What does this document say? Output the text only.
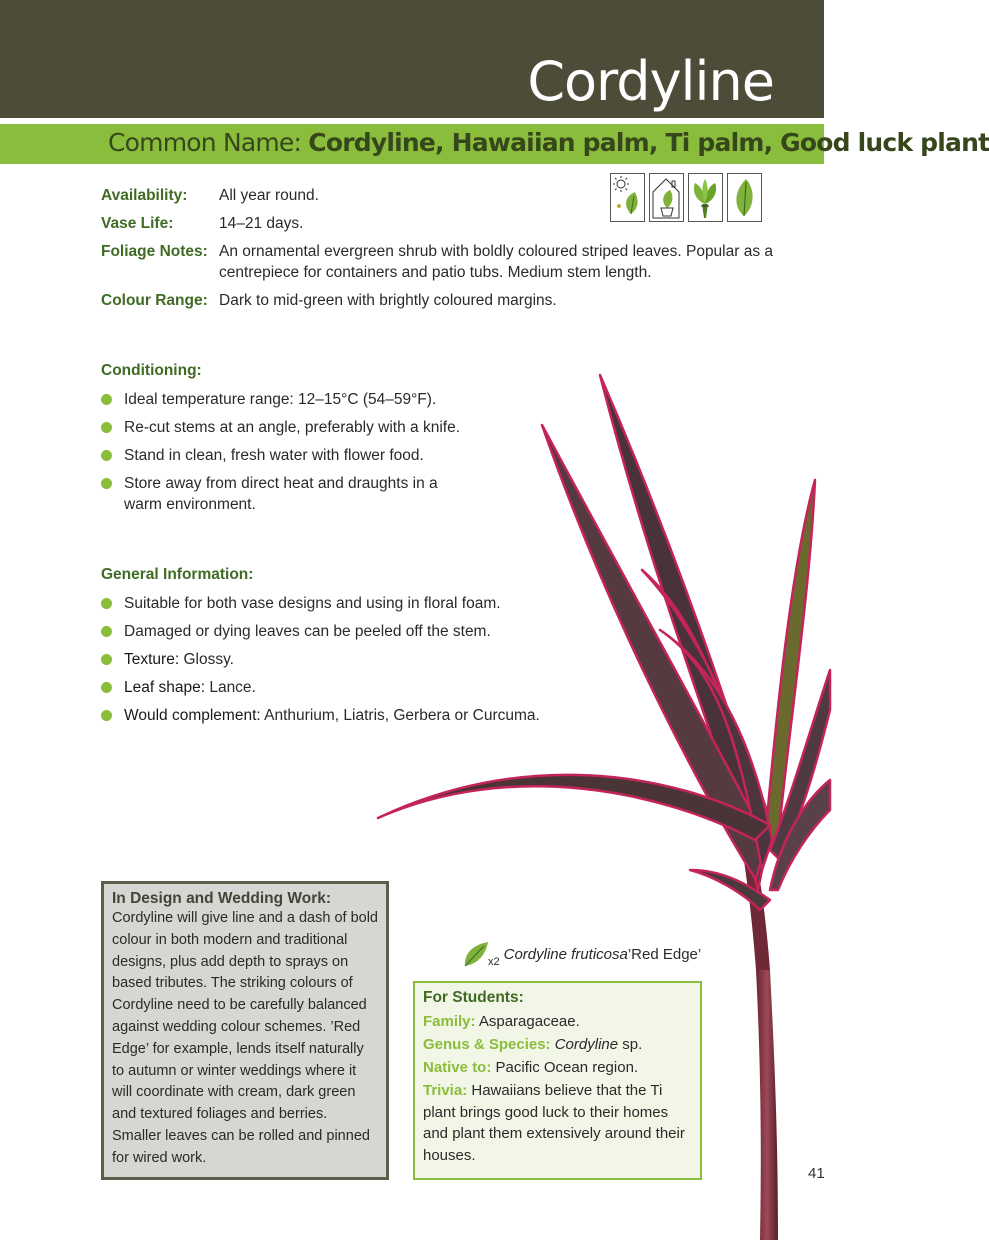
Cordyline
Common Name: Cordyline, Hawaiian palm, Ti palm, Good luck plant
Availability:	All year round.
Vase Life:	14–21 days.
Foliage Notes: An ornamental evergreen shrub with boldly coloured striped leaves. Popular as a centrepiece for containers and patio tubs. Medium stem length.
Colour Range: Dark to mid-green with brightly coloured margins.
Conditioning:
Ideal temperature range: 12–15°C (54–59°F).
Re-cut stems at an angle, preferably with a knife.
Stand in clean, fresh water with flower food.
Store away from direct heat and draughts in a warm environment.
General Information:
Suitable for both vase designs and using in floral foam.
Damaged or dying leaves can be peeled off the stem.
Texture: Glossy.
Leaf shape: Lance.
Would complement: Anthurium, Liatris, Gerbera or Curcuma.
In Design and Wedding Work:
Cordyline will give line and a dash of bold colour in both modern and traditional designs, plus add depth to sprays on based tributes. The striking colours of Cordyline need to be carefully balanced against wedding colour schemes. ’Red Edge’ for example, lends itself naturally to autumn or winter weddings where it will coordinate with cream, dark green and textured foliages and berries. Smaller leaves can be rolled and pinned for wired work.
x2 Cordyline fruticosa ’Red Edge’
For Students:
Family: Asparagaceae.
Genus & Species: Cordyline sp.
Native to: Pacific Ocean region.
Trivia: Hawaiians believe that the Ti plant brings good luck to their homes and plant them extensively around their houses.
41
